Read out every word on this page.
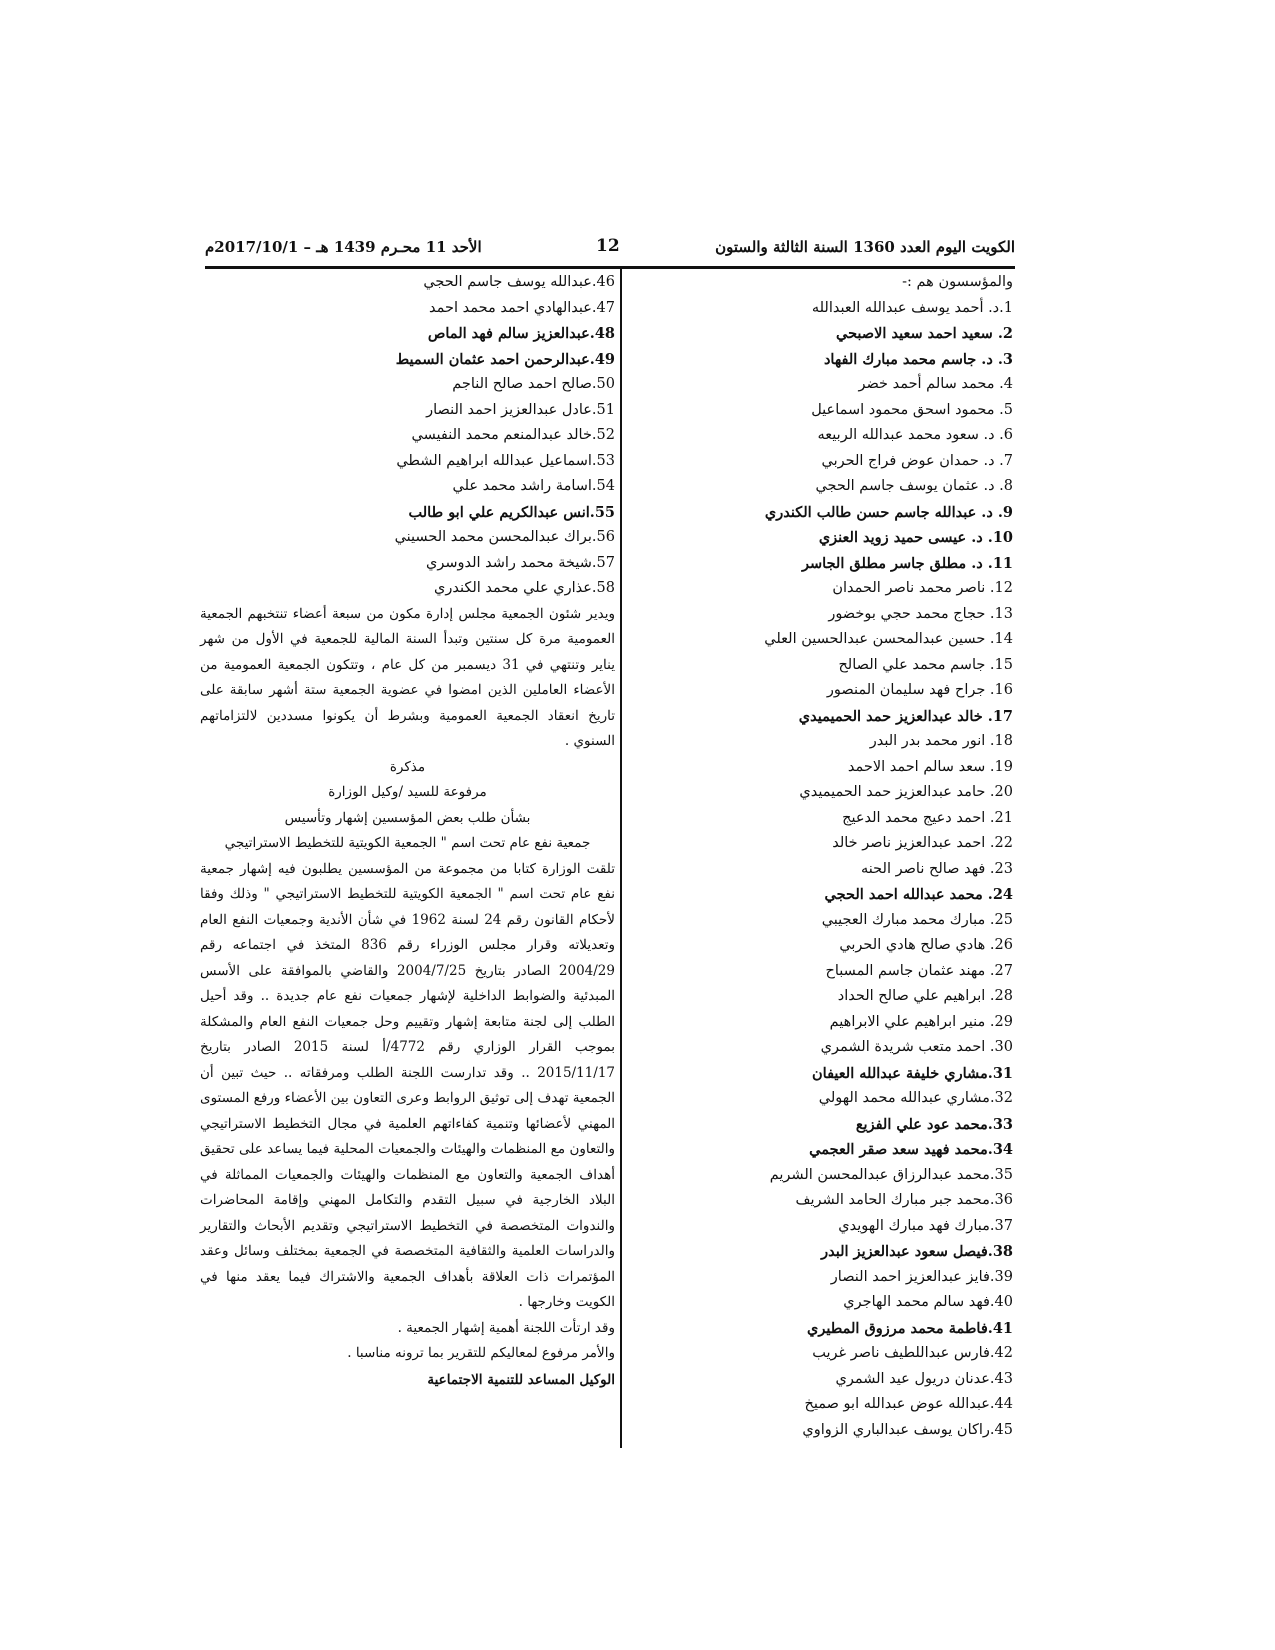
الكويت اليوم العدد 1360 السنة الثالثة والستون
12
الأحد 11 محـرم 1439 هـ – 2017/10/1م
والمؤسسون هم :-
1.د. أحمد يوسف عبدالله العبدالله
2. سعيد احمد سعيد الاصبحي
3. د. جاسم محمد مبارك الفهاد
4. محمد سالم أحمد خضر
5. محمود اسحق محمود اسماعيل
6. د. سعود محمد عبدالله الربيعه
7. د. حمدان عوض فراج الحربي
8. د. عثمان يوسف جاسم الحجي
9. د. عبدالله جاسم حسن طالب الكندري
10. د. عيسى حميد زويد العنزي
11. د. مطلق جاسر مطلق الجاسر
12. ناصر محمد ناصر الحمدان
13. حجاج محمد حجي بوخضور
14. حسين عبدالمحسن عبدالحسين العلي
15. جاسم محمد علي الصالح
16. جراح فهد سليمان المنصور
17. خالد عبدالعزيز حمد الحميميدي
18. انور محمد بدر البدر
19. سعد سالم احمد الاحمد
20. حامد عبدالعزيز حمد الحميميدي
21. احمد دعيج محمد الدعيج
22. احمد عبدالعزيز ناصر خالد
23. فهد صالح ناصر الحنه
24. محمد عبدالله احمد الحجي
25. مبارك محمد مبارك العجيبي
26. هادي صالح هادي الحربي
27. مهند عثمان جاسم المسباح
28. ابراهيم علي صالح الحداد
29. منير ابراهيم علي الابراهيم
30. احمد متعب شريدة الشمري
31.مشاري خليفة عبدالله العيفان
32.مشاري عبدالله محمد الهولي
33.محمد عود علي الفزيع
34.محمد فهيد سعد صقر العجمي
35.محمد عبدالرزاق عبدالمحسن الشريم
36.محمد جبر مبارك الحامد الشريف
37.مبارك فهد مبارك الهويدي
38.فيصل سعود عبدالعزيز البدر
39.فايز عبدالعزيز احمد النصار
40.فهد سالم محمد الهاجري
41.فاطمة محمد مرزوق المطيري
42.فارس عبداللطيف ناصر غريب
43.عدنان دريول عيد الشمري
44.عبدالله عوض عبدالله ابو صميخ
45.راكان يوسف عبدالباري الزواوي
46.عبدالله يوسف جاسم الحجي
47.عبدالهادي احمد محمد احمد
48.عبدالعزيز سالم فهد الماص
49.عبدالرحمن احمد عثمان السميط
50.صالح احمد صالح الناجم
51.عادل عبدالعزيز احمد النصار
52.خالد عبدالمنعم محمد النفيسي
53.اسماعيل عبدالله ابراهيم الشطي
54.اسامة راشد محمد علي
55.انس عبدالكريم علي ابو طالب
56.براك عبدالمحسن محمد الحسيني
57.شيخة محمد راشد الدوسري
58.عذاري علي محمد الكندري
ويدير شئون الجمعية مجلس إدارة مكون من سبعة أعضاء تنتخبهم الجمعية العمومية مرة كل سنتين وتبدأ السنة المالية للجمعية في الأول من شهر يناير وتنتهي في 31 ديسمبر من كل عام ، وتتكون الجمعية العمومية من الأعضاء العاملين الذين امضوا في عضوية الجمعية ستة أشهر سابقة على تاريخ انعقاد الجمعية العمومية وبشرط أن يكونوا مسددين لالتزاماتهم السنوي .
مذكرة
مرفوعة للسيد /وكيل الوزارة
بشأن طلب بعض المؤسسين إشهار وتأسيس
جمعية نفع عام تحت اسم " الجمعية الكويتية للتخطيط الاستراتيجي
تلقت الوزارة كتابا من مجموعة من المؤسسين يطلبون فيه إشهار جمعية نفع عام تحت اسم " الجمعية الكويتية للتخطيط الاستراتيجي " وذلك وفقا لأحكام القانون رقم 24 لسنة 1962 في شأن الأندية وجمعيات النفع العام وتعديلاته وقرار مجلس الوزراء رقم 836 المتخذ في اجتماعه رقم 2004/29 الصادر بتاريخ 2004/7/25 والقاضي بالموافقة على الأسس المبدئية والضوابط الداخلية لإشهار جمعيات نفع عام جديدة .. وقد أحيل الطلب إلى لجنة متابعة إشهار وتقييم وحل جمعيات النفع العام والمشكلة بموجب القرار الوزاري رقم 4772/أ لسنة 2015 الصادر بتاريخ 2015/11/17 .. وقد تدارست اللجنة الطلب ومرفقاته .. حيث تبين أن الجمعية تهدف إلى توثيق الروابط وعرى التعاون بين الأعضاء ورفع المستوى المهني لأعضائها وتنمية كفاءاتهم العلمية في مجال التخطيط الاستراتيجي والتعاون مع المنظمات والهيئات والجمعيات المحلية فيما يساعد على تحقيق أهداف الجمعية والتعاون مع المنظمات والهيئات والجمعيات المماثلة في البلاد الخارجية في سبيل التقدم والتكامل المهني وإقامة المحاضرات والندوات المتخصصة في التخطيط الاستراتيجي وتقديم الأبحاث والتقارير والدراسات العلمية والثقافية المتخصصة في الجمعية بمختلف وسائل وعقد المؤتمرات ذات العلاقة بأهداف الجمعية والاشتراك فيما يعقد منها في الكويت وخارجها .
وقد ارتأت اللجنة أهمية إشهار الجمعية .
والأمر مرفوع لمعاليكم للتقرير بما ترونه مناسبا .
الوكيل المساعد للتنمية الاجتماعية
